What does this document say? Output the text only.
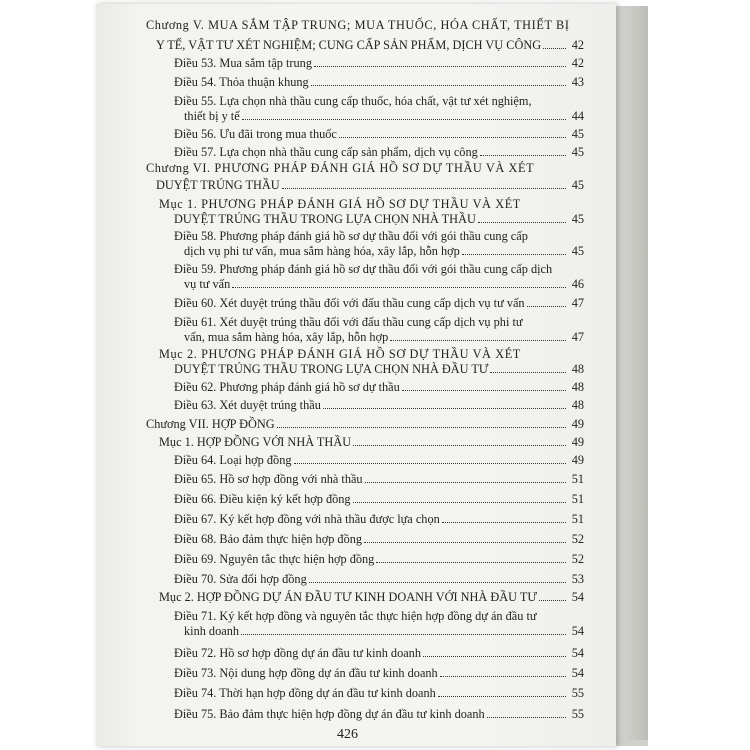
Chương V. MUA SẮM TẬP TRUNG; MUA THUỐC, HÓA CHẤT, THIẾT BỊ
Y TẾ, VẬT TƯ XÉT NGHIỆM; CUNG CẤP SẢN PHẨM, DỊCH VỤ CÔNG	42
Điều 53. Mua sắm tập trung	42
Điều 54. Thỏa thuận khung	43
Điều 55. Lựa chọn nhà thầu cung cấp thuốc, hóa chất, vật tư xét nghiệm,
thiết bị y tế	44
Điều 56. Ưu đãi trong mua thuốc	45
Điều 57. Lựa chọn nhà thầu cung cấp sản phẩm, dịch vụ công	45
Chương VI. PHƯƠNG PHÁP ĐÁNH GIÁ HỒ SƠ DỰ THẦU VÀ XÉT
DUYỆT TRÚNG THẦU	45
Mục 1. PHƯƠNG PHÁP ĐÁNH GIÁ HỒ SƠ DỰ THẦU VÀ XÉT
DUYỆT TRÚNG THẦU TRONG LỰA CHỌN NHÀ THẦU	45
Điều 58. Phương pháp đánh giá hồ sơ dự thầu đối với gói thầu cung cấp
dịch vụ phi tư vấn, mua sắm hàng hóa, xây lắp, hỗn hợp	45
Điều 59. Phương pháp đánh giá hồ sơ dự thầu đối với gói thầu cung cấp dịch
vụ tư vấn	46
Điều 60. Xét duyệt trúng thầu đối với đấu thầu cung cấp dịch vụ tư vấn	47
Điều 61. Xét duyệt trúng thầu đối với đấu thầu cung cấp dịch vụ phi tư
vấn, mua sắm hàng hóa, xây lắp, hỗn hợp	47
Mục 2. PHƯƠNG PHÁP ĐÁNH GIÁ HỒ SƠ DỰ THẦU VÀ XÉT
DUYỆT TRÚNG THẦU TRONG LỰA CHỌN NHÀ ĐẦU TƯ	48
Điều 62. Phương pháp đánh giá hồ sơ dự thầu	48
Điều 63. Xét duyệt trúng thầu	48
Chương VII. HỢP ĐỒNG	49
Mục 1. HỢP ĐỒNG VỚI NHÀ THẦU	49
Điều 64. Loại hợp đồng	49
Điều 65. Hồ sơ hợp đồng với nhà thầu	51
Điều 66. Điều kiện ký kết hợp đồng	51
Điều 67. Ký kết hợp đồng với nhà thầu được lựa chọn	51
Điều 68. Bảo đảm thực hiện hợp đồng	52
Điều 69. Nguyên tắc thực hiện hợp đồng	52
Điều 70. Sửa đổi hợp đồng	53
Mục 2. HỢP ĐỒNG DỰ ÁN ĐẦU TƯ KINH DOANH VỚI NHÀ ĐẦU TƯ	54
Điều 71. Ký kết hợp đồng và nguyên tắc thực hiện hợp đồng dự án đầu tư
kinh doanh	54
Điều 72. Hồ sơ hợp đồng dự án đầu tư kinh doanh	54
Điều 73. Nội dung hợp đồng dự án đầu tư kinh doanh	54
Điều 74. Thời hạn hợp đồng dự án đầu tư kinh doanh	55
Điều 75. Bảo đảm thực hiện hợp đồng dự án đầu tư kinh doanh	55
426
